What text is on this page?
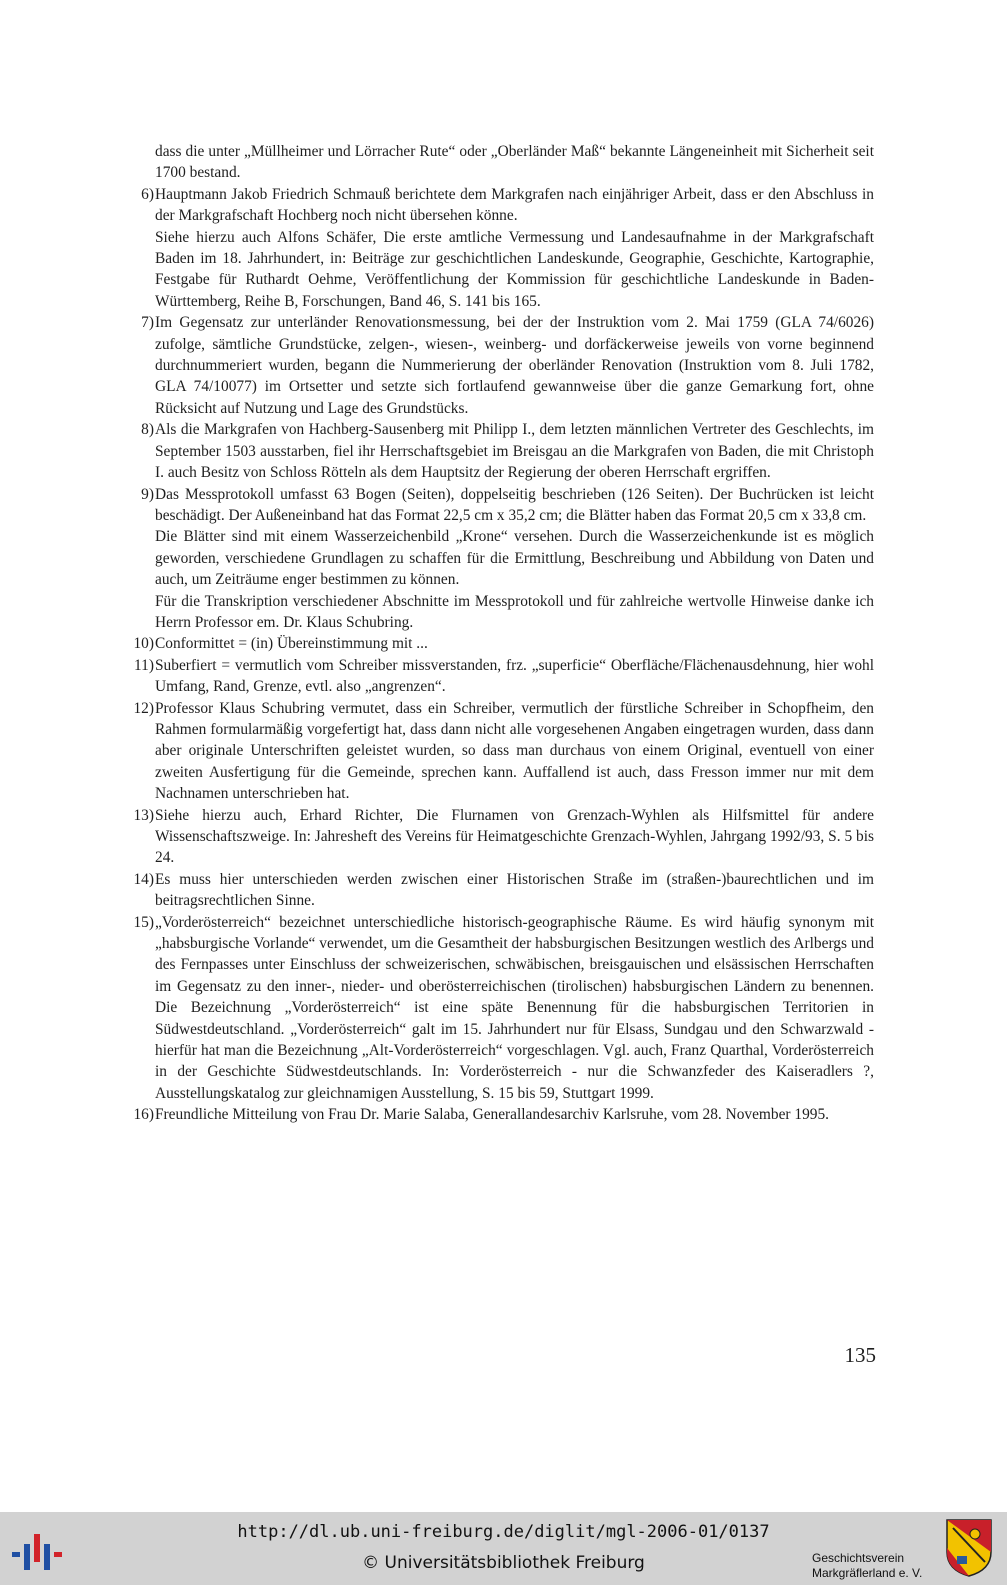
dass die unter „Müllheimer und Lörracher Rute“ oder „Oberländer Maß“ bekannte Längeneinheit mit Sicherheit seit 1700 bestand.
6) Hauptmann Jakob Friedrich Schmauß berichtete dem Markgrafen nach einjähriger Arbeit, dass er den Abschluss in der Markgrafschaft Hochberg noch nicht übersehen könne.

Siehe hierzu auch Alfons Schäfer, Die erste amtliche Vermessung und Landesaufnahme in der Markgrafschaft Baden im 18. Jahrhundert, in: Beiträge zur geschichtlichen Landeskunde, Geographie, Geschichte, Kartographie, Festgabe für Ruthardt Oehme, Veröffentlichung der Kommission für geschichtliche Landeskunde in Baden-Württemberg, Reihe B, Forschungen, Band 46, S. 141 bis 165.

7) Im Gegensatz zur unterländer Renovationsmessung, bei der der Instruktion vom 2. Mai 1759 (GLA 74/6026) zufolge, sämtliche Grundstücke, zelgen-, wiesen-, weinberg- und dorfäckerweise jeweils von vorne beginnend durchnummeriert wurden, begann die Nummerierung der oberländer Renovation (Instruktion vom 8. Juli 1782, GLA 74/10077) im Ortsetter und setzte sich fortlaufend gewannweise über die ganze Gemarkung fort, ohne Rücksicht auf Nutzung und Lage des Grundstücks.

8) Als die Markgrafen von Hachberg-Sausenberg mit Philipp I., dem letzten männlichen Vertreter des Geschlechts, im September 1503 ausstarben, fiel ihr Herrschaftsgebiet im Breisgau an die Markgrafen von Baden, die mit Christoph I. auch Besitz von Schloss Rötteln als dem Hauptsitz der Regierung der oberen Herrschaft ergriffen.

9) Das Messprotokoll umfasst 63 Bogen (Seiten), doppelseitig beschrieben (126 Seiten). Der Buchrücken ist leicht beschädigt. Der Außeneinband hat das Format 22,5 cm x 35,2 cm; die Blätter haben das Format 20,5 cm x 33,8 cm.

Die Blätter sind mit einem Wasserzeichenbild „Krone“ versehen. Durch die Wasserzeichenkunde ist es möglich geworden, verschiedene Grundlagen zu schaffen für die Ermittlung, Beschreibung und Abbildung von Daten und auch, um Zeiträume enger bestimmen zu können.

Für die Transkription verschiedener Abschnitte im Messprotokoll und für zahlreiche wertvolle Hinweise danke ich Herrn Professor em. Dr. Klaus Schubring.

10) Conformittet = (in) Übereinstimmung mit ...

11) Suberfiert = vermutlich vom Schreiber missverstanden, frz. „superficie“ Oberfläche/Flächenausdehnung, hier wohl Umfang, Rand, Grenze, evtl. also „angrenzen“.

12) Professor Klaus Schubring vermutet, dass ein Schreiber, vermutlich der fürstliche Schreiber in Schopfheim, den Rahmen formularmäßig vorgefertigt hat, dass dann nicht alle vorgesehenen Angaben eingetragen wurden, dass dann aber originale Unterschriften geleistet wurden, so dass man durchaus von einem Original, eventuell von einer zweiten Ausfertigung für die Gemeinde, sprechen kann. Auffallend ist auch, dass Fresson immer nur mit dem Nachnamen unterschrieben hat.

13) Siehe hierzu auch, Erhard Richter, Die Flurnamen von Grenzach-Wyhlen als Hilfsmittel für andere Wissenschaftszweige. In: Jahresheft des Vereins für Heimatgeschichte Grenzach-Wyhlen, Jahrgang 1992/93, S. 5 bis 24.

14) Es muss hier unterschieden werden zwischen einer Historischen Straße im (straßen-)baurechtlichen und im beitragsrechtlichen Sinne.

15) „Vorderösterreich“ bezeichnet unterschiedliche historisch-geographische Räume. Es wird häufig synonym mit „habsburgische Vorlande“ verwendet, um die Gesamtheit der habsburgischen Besitzungen westlich des Arlbergs und des Fernpasses unter Einschluss der schweizerischen, schwäbischen, breisgauischen und elsässischen Herrschaften im Gegensatz zu den inner-, nieder- und oberösterreichischen (tirolischen) habsburgischen Ländern zu benennen. Die Bezeichnung „Vorderösterreich“ ist eine späte Benennung für die habsburgischen Territorien in Südwestdeutschland. „Vorderösterreich“ galt im 15. Jahrhundert nur für Elsass, Sundgau und den Schwarzwald - hierfür hat man die Bezeichnung „Alt-Vorderösterreich“ vorgeschlagen. Vgl. auch, Franz Quarthal, Vorderösterreich in der Geschichte Südwestdeutschlands. In: Vorderösterreich - nur die Schwanzfeder des Kaiseradlers ?, Ausstellungskatalog zur gleichnamigen Ausstellung, S. 15 bis 59, Stuttgart 1999.

16) Freundliche Mitteilung von Frau Dr. Marie Salaba, Generallandesarchiv Karlsruhe, vom 28. November 1995.

135
http://dl.ub.uni-freiburg.de/diglit/mgl-2006-01/0137
© Universitätsbibliothek Freiburg	Geschichtsverein
Markgräflerland e. V.
